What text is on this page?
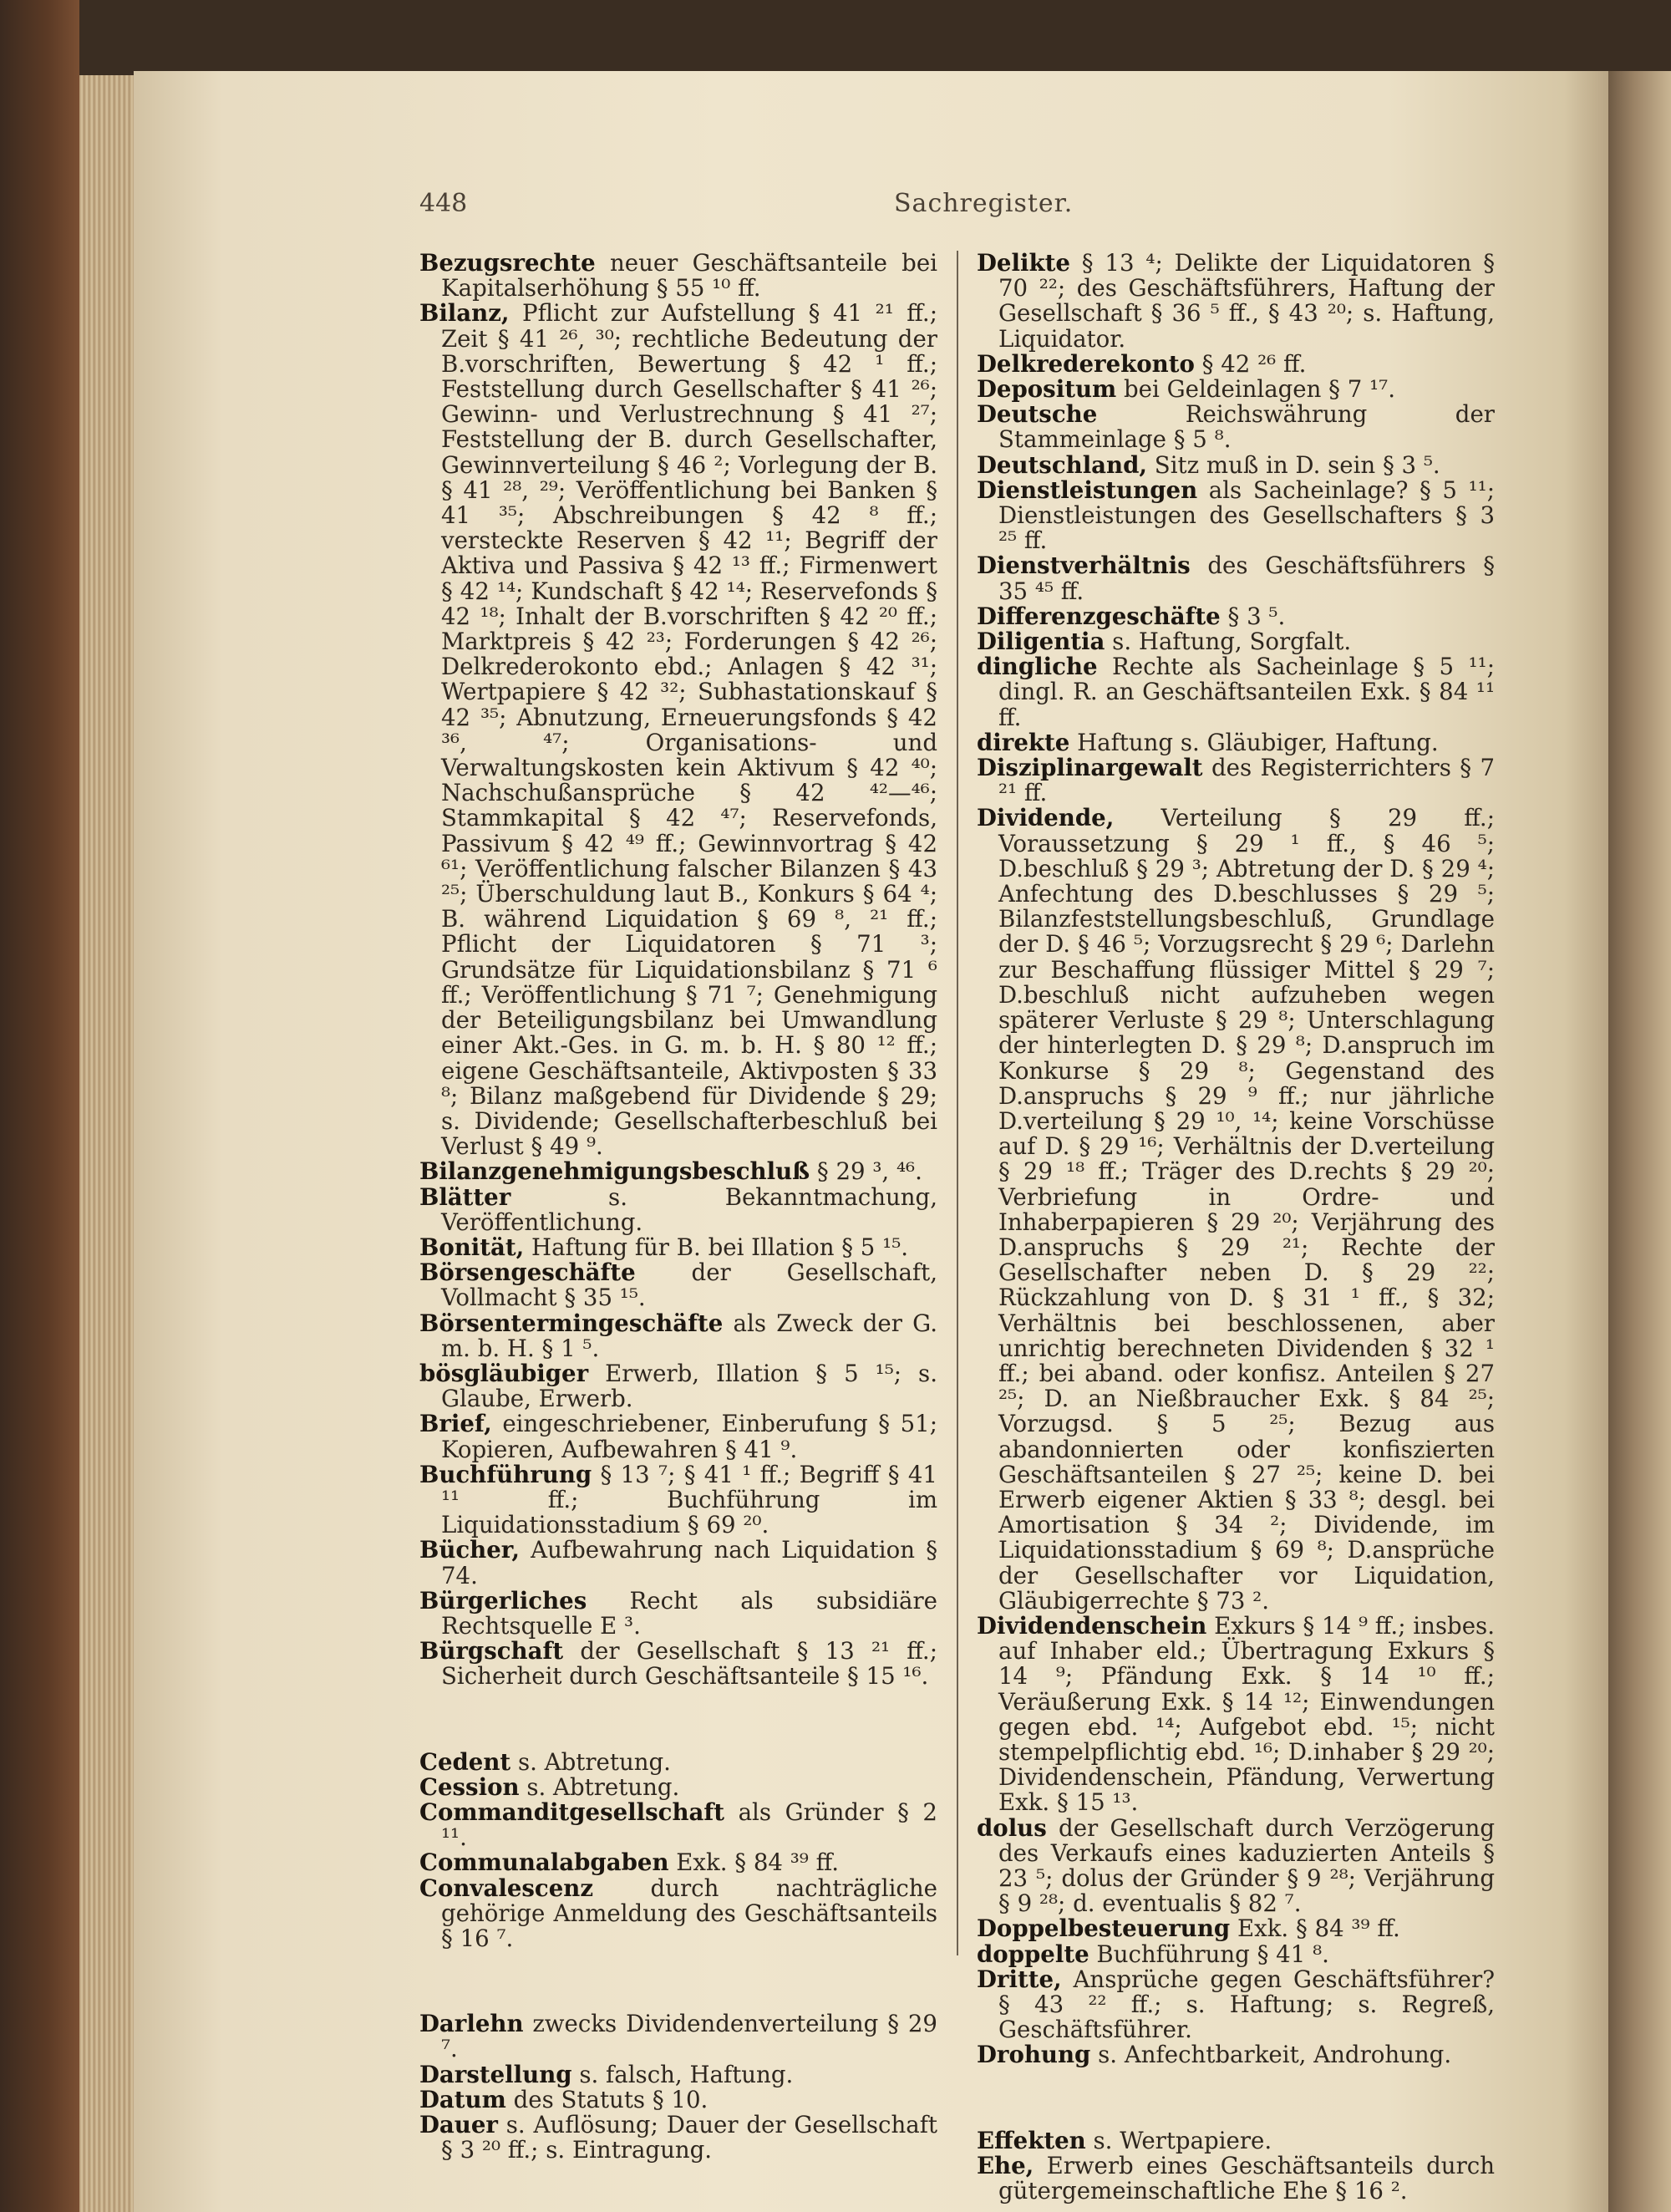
448	Sachregister.

Bezugsrechte neuer Geschäftsanteile bei Kapitalserhöhung § 55 ¹⁰ ff.

Bilanz, Pflicht zur Aufstellung § 41 ²¹ ff.; Zeit § 41 ²⁶, ³⁰; rechtliche Bedeutung der B.vorschriften, Bewertung § 42 ¹ ff.; Feststellung durch Gesellschafter § 41 ²⁶; Gewinn- und Verlustrechnung § 41 ²⁷; Feststellung der B. durch Gesellschafter, Gewinnverteilung § 46 ²; Vorlegung der B. § 41 ²⁸, ²⁹; Veröffentlichung bei Banken § 41 ³⁵; Abschreibungen § 42 ⁸ ff.; versteckte Reserven § 42 ¹¹; Begriff der Aktiva und Passiva § 42 ¹³ ff.; Firmenwert § 42 ¹⁴; Kundschaft § 42 ¹⁴; Reservefonds § 42 ¹⁸; Inhalt der B.vorschriften § 42 ²⁰ ff.; Marktpreis § 42 ²³; Forderungen § 42 ²⁶; Delkrederokonto ebd.; Anlagen § 42 ³¹; Wertpapiere § 42 ³²; Subhastationskauf § 42 ³⁵; Abnutzung, Erneuerungsfonds § 42 ³⁶, ⁴⁷; Organisations- und Verwaltungskosten kein Aktivum § 42 ⁴⁰; Nachschußansprüche § 42 ⁴²—⁴⁶; Stammkapital § 42 ⁴⁷; Reservefonds, Passivum § 42 ⁴⁹ ff.; Gewinnvortrag § 42 ⁶¹; Veröffentlichung falscher Bilanzen § 43 ²⁵; Überschuldung laut B., Konkurs § 64 ⁴; B. während Liquidation § 69 ⁸, ²¹ ff.; Pflicht der Liquidatoren § 71 ³; Grundsätze für Liquidationsbilanz § 71 ⁶ ff.; Veröffentlichung § 71 ⁷; Genehmigung der Beteiligungsbilanz bei Umwandlung einer Akt.-Ges. in G. m. b. H. § 80 ¹² ff.; eigene Geschäftsanteile, Aktivposten § 33 ⁸; Bilanz maßgebend für Dividende § 29; s. Dividende; Gesellschafterbeschluß bei Verlust § 49 ⁹.

Bilanzgenehmigungsbeschluß § 29 ³, ⁴⁶.

Blätter s. Bekanntmachung, Veröffentlichung.

Bonität, Haftung für B. bei Illation § 5 ¹⁵.

Börsengeschäfte der Gesellschaft, Vollmacht § 35 ¹⁵.

Börsentermingeschäfte als Zweck der G. m. b. H. § 1 ⁵.

bösgläubiger Erwerb, Illation § 5 ¹⁵; s. Glaube, Erwerb.

Brief, eingeschriebener, Einberufung § 51; Kopieren, Aufbewahren § 41 ⁹.

Buchführung § 13 ⁷; § 41 ¹ ff.; Begriff § 41 ¹¹ ff.; Buchführung im Liquidationsstadium § 69 ²⁰.

Bücher, Aufbewahrung nach Liquidation § 74.

Bürgerliches Recht als subsidiäre Rechtsquelle E ³.

Bürgschaft der Gesellschaft § 13 ²¹ ff.; Sicherheit durch Geschäftsanteile § 15 ¹⁶.

Cedent s. Abtretung.

Cession s. Abtretung.

Commanditgesellschaft als Gründer § 2 ¹¹.

Communalabgaben Exk. § 84 ³⁹ ff.

Convalescenz durch nachträgliche gehörige Anmeldung des Geschäftsanteils § 16 ⁷.

Darlehn zwecks Dividendenverteilung § 29 ⁷.

Darstellung s. falsch, Haftung.

Datum des Statuts § 10.

Dauer s. Auflösung; Dauer der Gesellschaft § 3 ²⁰ ff.; s. Eintragung.

Delikte § 13 ⁴; Delikte der Liquidatoren § 70 ²²; des Geschäftsführers, Haftung der Gesellschaft § 36 ⁵ ff., § 43 ²⁰; s. Haftung, Liquidator.

Delkrederekonto § 42 ²⁶ ff.

Depositum bei Geldeinlagen § 7 ¹⁷.

Deutsche Reichswährung der Stammeinlage § 5 ⁸.

Deutschland, Sitz muß in D. sein § 3 ⁵.

Dienstleistungen als Sacheinlage? § 5 ¹¹; Dienstleistungen des Gesellschafters § 3 ²⁵ ff.

Dienstverhältnis des Geschäftsführers § 35 ⁴⁵ ff.

Differenzgeschäfte § 3 ⁵.

Diligentia s. Haftung, Sorgfalt.

dingliche Rechte als Sacheinlage § 5 ¹¹; dingl. R. an Geschäftsanteilen Exk. § 84 ¹¹ ff.

direkte Haftung s. Gläubiger, Haftung.

Disziplinargewalt des Registerrichters § 7 ²¹ ff.

Dividende, Verteilung § 29 ff.; Voraussetzung § 29 ¹ ff., § 46 ⁵; D.beschluß § 29 ³; Abtretung der D. § 29 ⁴; Anfechtung des D.beschlusses § 29 ⁵; Bilanzfeststellungsbeschluß, Grundlage der D. § 46 ⁵; Vorzugsrecht § 29 ⁶; Darlehn zur Beschaffung flüssiger Mittel § 29 ⁷; D.beschluß nicht aufzuheben wegen späterer Verluste § 29 ⁸; Unterschlagung der hinterlegten D. § 29 ⁸; D.anspruch im Konkurse § 29 ⁸; Gegenstand des D.anspruchs § 29 ⁹ ff.; nur jährliche D.verteilung § 29 ¹⁰, ¹⁴; keine Vorschüsse auf D. § 29 ¹⁶; Verhältnis der D.verteilung § 29 ¹⁸ ff.; Träger des D.rechts § 29 ²⁰; Verbriefung in Ordre- und Inhaberpapieren § 29 ²⁰; Verjährung des D.anspruchs § 29 ²¹; Rechte der Gesellschafter neben D. § 29 ²²; Rückzahlung von D. § 31 ¹ ff., § 32; Verhältnis bei beschlossenen, aber unrichtig berechneten Dividenden § 32 ¹ ff.; bei aband. oder konfisz. Anteilen § 27 ²⁵; D. an Nießbraucher Exk. § 84 ²⁵; Vorzugsd. § 5 ²⁵; Bezug aus abandonnierten oder konfiszierten Geschäftsanteilen § 27 ²⁵; keine D. bei Erwerb eigener Aktien § 33 ⁸; desgl. bei Amortisation § 34 ²; Dividende, im Liquidationsstadium § 69 ⁸; D.ansprüche der Gesellschafter vor Liquidation, Gläubigerrechte § 73 ².

Dividendenschein Exkurs § 14 ⁹ ff.; insbes. auf Inhaber eld.; Übertragung Exkurs § 14 ⁹; Pfändung Exk. § 14 ¹⁰ ff.; Veräußerung Exk. § 14 ¹²; Einwendungen gegen ebd. ¹⁴; Aufgebot ebd. ¹⁵; nicht stempelpflichtig ebd. ¹⁶; D.inhaber § 29 ²⁰; Dividendenschein, Pfändung, Verwertung Exk. § 15 ¹³.

dolus der Gesellschaft durch Verzögerung des Verkaufs eines kaduzierten Anteils § 23 ⁵; dolus der Gründer § 9 ²⁸; Verjährung § 9 ²⁸; d. eventualis § 82 ⁷.

Doppelbesteuerung Exk. § 84 ³⁹ ff.

doppelte Buchführung § 41 ⁸.

Dritte, Ansprüche gegen Geschäftsführer? § 43 ²² ff.; s. Haftung; s. Regreß, Geschäftsführer.

Drohung s. Anfechtbarkeit, Androhung.

Effekten s. Wertpapiere.

Ehe, Erwerb eines Geschäftsanteils durch gütergemeinschaftliche Ehe § 16 ².
